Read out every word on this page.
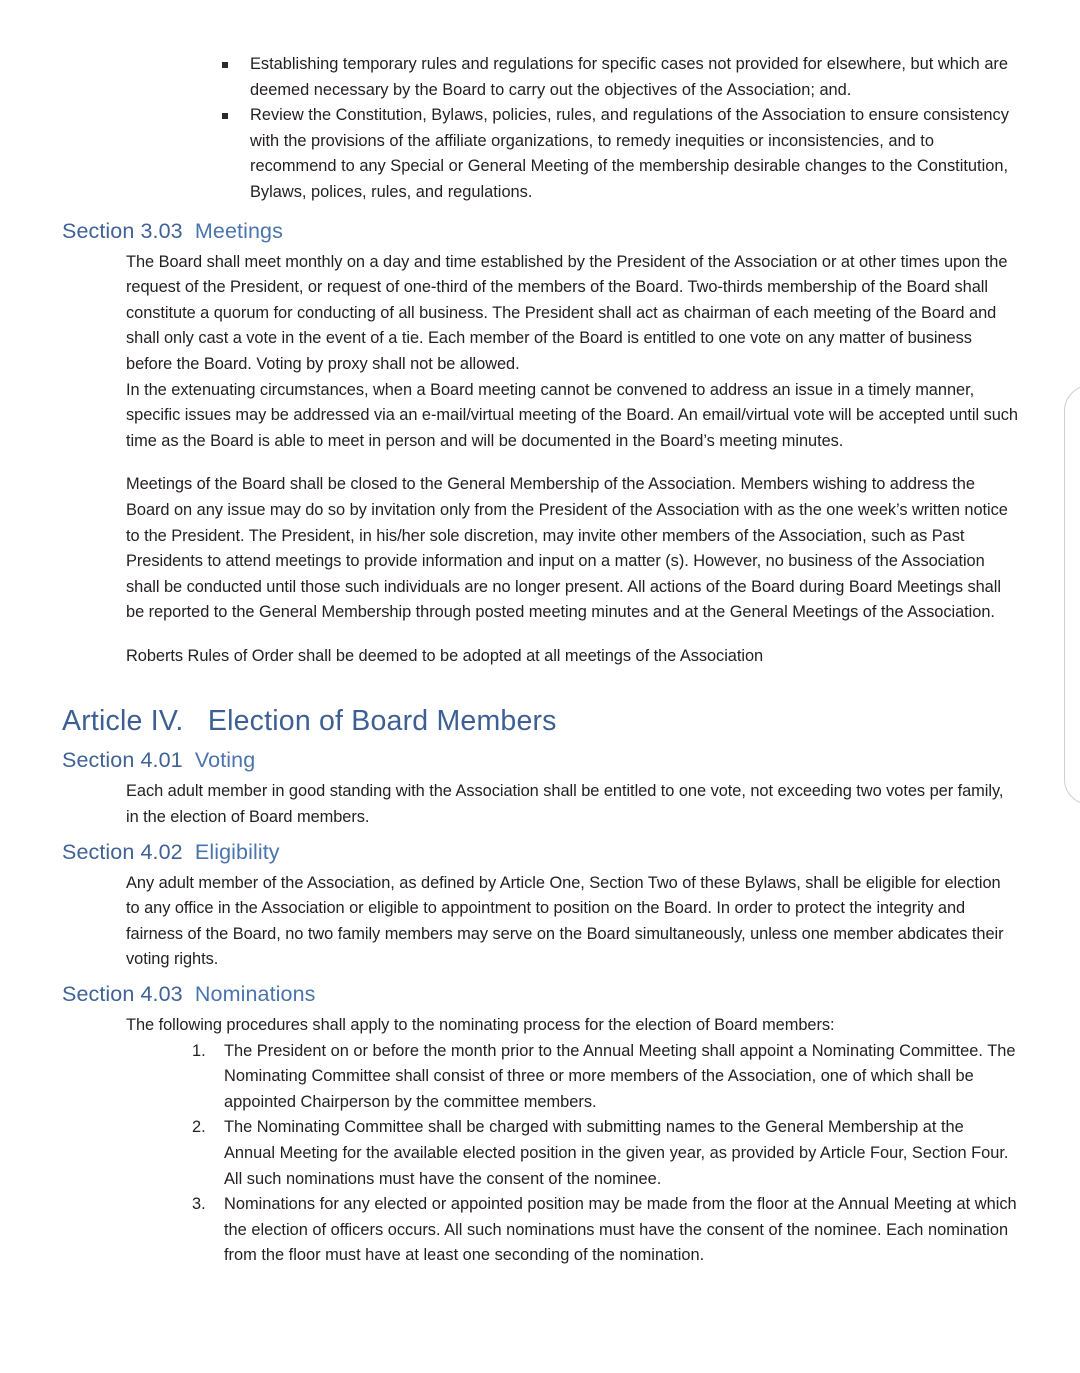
Establishing temporary rules and regulations for specific cases not provided for elsewhere, but which are deemed necessary by the Board to carry out the objectives of the Association; and.
Review the Constitution, Bylaws, policies, rules, and regulations of the Association to ensure consistency with the provisions of the affiliate organizations, to remedy inequities or inconsistencies, and to recommend to any Special or General Meeting of the membership desirable changes to the Constitution, Bylaws, polices, rules, and regulations.
Section 3.03 Meetings
The Board shall meet monthly on a day and time established by the President of the Association or at other times upon the request of the President, or request of one-third of the members of the Board. Two-thirds membership of the Board shall constitute a quorum for conducting of all business. The President shall act as chairman of each meeting of the Board and shall only cast a vote in the event of a tie. Each member of the Board is entitled to one vote on any matter of business before the Board. Voting by proxy shall not be allowed.
In the extenuating circumstances, when a Board meeting cannot be convened to address an issue in a timely manner, specific issues may be addressed via an e-mail/virtual meeting of the Board. An email/virtual vote will be accepted until such time as the Board is able to meet in person and will be documented in the Board’s meeting minutes.
Meetings of the Board shall be closed to the General Membership of the Association. Members wishing to address the Board on any issue may do so by invitation only from the President of the Association with as the one week’s written notice to the President. The President, in his/her sole discretion, may invite other members of the Association, such as Past Presidents to attend meetings to provide information and input on a matter (s). However, no business of the Association shall be conducted until those such individuals are no longer present. All actions of the Board during Board Meetings shall be reported to the General Membership through posted meeting minutes and at the General Meetings of the Association.
Roberts Rules of Order shall be deemed to be adopted at all meetings of the Association
Article IV. Election of Board Members
Section 4.01 Voting
Each adult member in good standing with the Association shall be entitled to one vote, not exceeding two votes per family, in the election of Board members.
Section 4.02 Eligibility
Any adult member of the Association, as defined by Article One, Section Two of these Bylaws, shall be eligible for election to any office in the Association or eligible to appointment to position on the Board. In order to protect the integrity and fairness of the Board, no two family members may serve on the Board simultaneously, unless one member abdicates their voting rights.
Section 4.03 Nominations
The following procedures shall apply to the nominating process for the election of Board members:
1.	The President on or before the month prior to the Annual Meeting shall appoint a Nominating Committee. The Nominating Committee shall consist of three or more members of the Association, one of which shall be appointed Chairperson by the committee members.
2.	The Nominating Committee shall be charged with submitting names to the General Membership at the Annual Meeting for the available elected position in the given year, as provided by Article Four, Section Four. All such nominations must have the consent of the nominee.
3.	Nominations for any elected or appointed position may be made from the floor at the Annual Meeting at which the election of officers occurs. All such nominations must have the consent of the nominee. Each nomination from the floor must have at least one seconding of the nomination.
